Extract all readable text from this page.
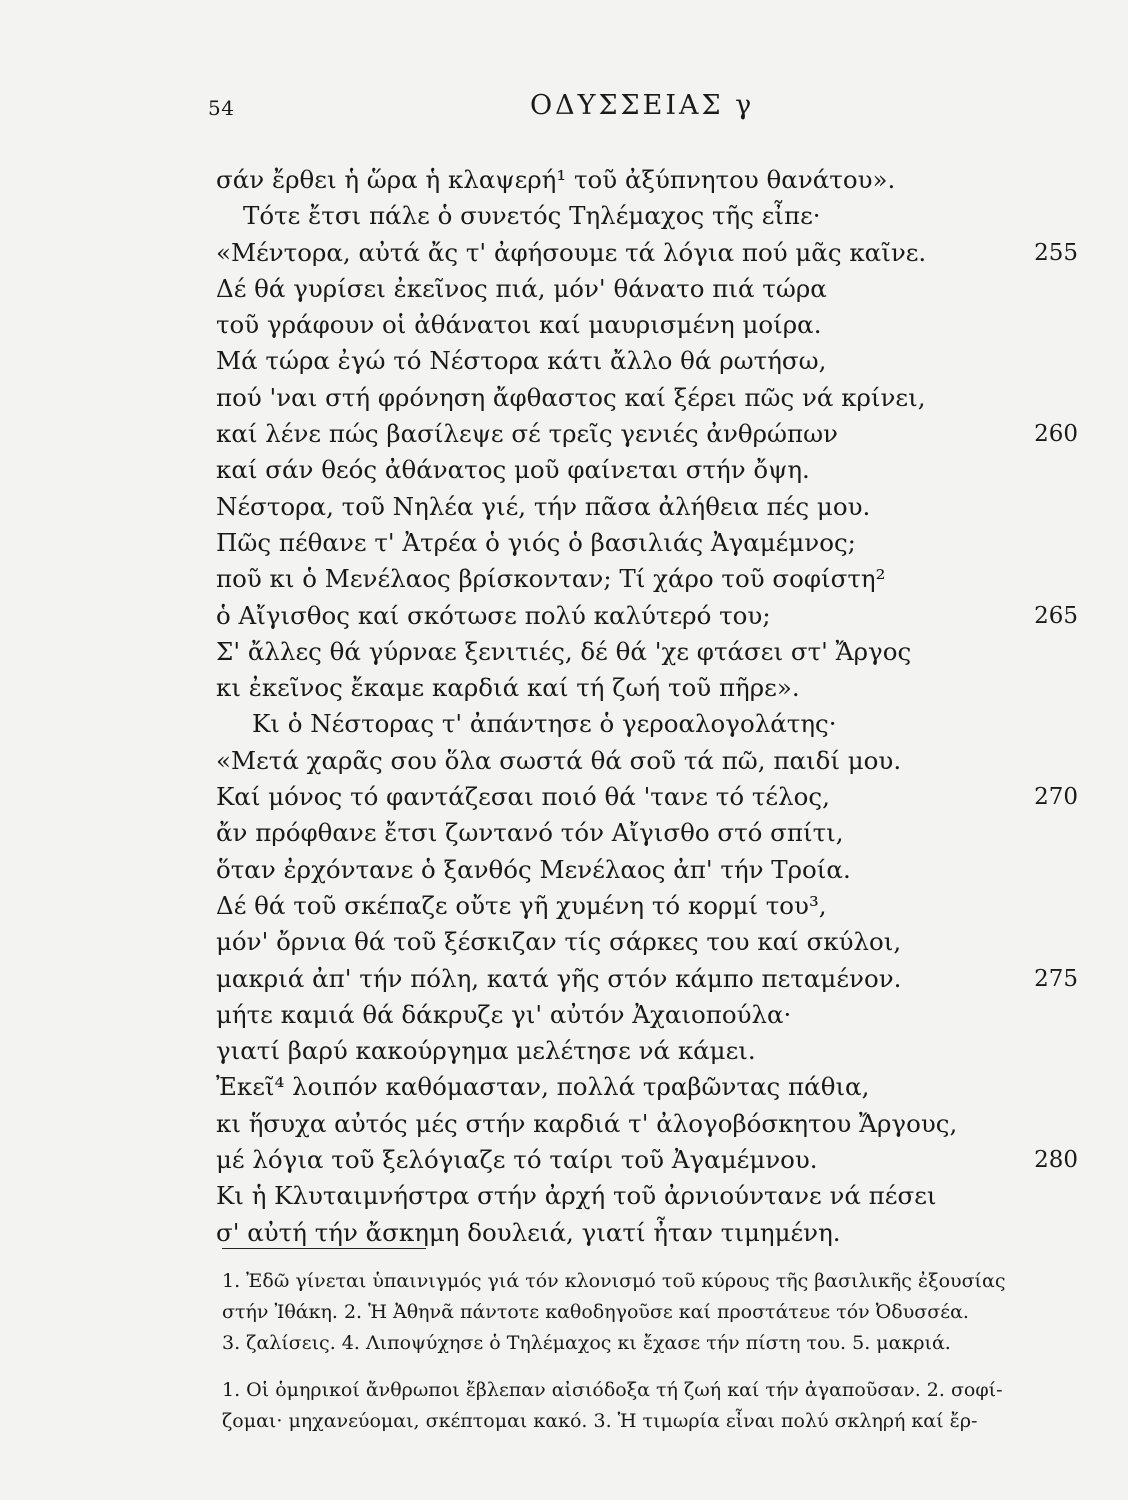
54	ΟΔΥΣΣΕΙΑΣ γ
σάν ἔρθει ἡ ὥρα ἡ κλαψερή¹ τοῦ ἀξύπνητου θανάτου».
Τότε ἔτσι πάλε ὁ συνετός Τηλέμαχος τῆς εἶπε·
«Μέντορα, αὐτά ἄς τ' ἀφήσουμε τά λόγια πού μᾶς καῖνε.	255
Δέ θά γυρίσει ἐκεῖνος πιά, μόν' θάνατο πιά τώρα
τοῦ γράφουν οἱ ἀθάνατοι καί μαυρισμένη μοίρα.
Μά τώρα ἐγώ τό Νέστορα κάτι ἄλλο θά ρωτήσω,
πού 'ναι στή φρόνηση ἄφθαστος καί ξέρει πῶς νά κρίνει,
καί λένε πώς βασίλεψε σέ τρεῖς γενιές ἀνθρώπων	260
καί σάν θεός ἀθάνατος μοῦ φαίνεται στήν ὄψη.
Νέστορα, τοῦ Νηλέα γιέ, τήν πᾶσα ἀλήθεια πές μου.
Πῶς πέθανε τ' Ἀτρέα ὁ γιός ὁ βασιλιάς Ἀγαμέμνος;
ποῦ κι ὁ Μενέλαος βρίσκονταν; Τί χάρο τοῦ σοφίστη²
ὁ Αἴγισθος καί σκότωσε πολύ καλύτερό του;	265
Σ' ἄλλες θά γύρναε ξενιτιές, δέ θά 'χε φτάσει στ' Ἄργος
κι ἐκεῖνος ἔκαμε καρδιά καί τή ζωή τοῦ πῆρε».
Κι ὁ Νέστορας τ' ἀπάντησε ὁ γεροαλογολάτης·
«Μετά χαρᾶς σου ὅλα σωστά θά σοῦ τά πῶ, παιδί μου.
Καί μόνος τό φαντάζεσαι ποιό θά 'τανε τό τέλος,	270
ἄν πρόφθανε ἔτσι ζωντανό τόν Αἴγισθο στό σπίτι,
ὅταν ἐρχόντανε ὁ ξανθός Μενέλαος ἀπ' τήν Τροία.
Δέ θά τοῦ σκέπαζε οὔτε γῆ χυμένη τό κορμί του³,
μόν' ὄρνια θά τοῦ ξέσκιζαν τίς σάρκες του καί σκύλοι,
μακριά ἀπ' τήν πόλη, κατά γῆς στόν κάμπο πεταμένον.	275
μήτε καμιά θά δάκρυζε γι' αὐτόν Ἀχαιοπούλα·
γιατί βαρύ κακούργημα μελέτησε νά κάμει.
Ἐκεῖ⁴ λοιπόν καθόμασταν, πολλά τραβῶντας πάθια,
κι ἥσυχα αὐτός μές στήν καρδιά τ' ἀλογοβόσκητου Ἄργους,
μέ λόγια τοῦ ξελόγιαζε τό ταίρι τοῦ Ἀγαμέμνου.	280
Κι ἡ Κλυταιμνήστρα στήν ἀρχή τοῦ ἀρνιούντανε νά πέσει
σ' αὐτή τήν ἄσκημη δουλειά, γιατί ἦταν τιμημένη.
1. Ἐδῶ γίνεται ὑπαινιγμός γιά τόν κλονισμό τοῦ κύρους τῆς βασιλικῆς ἐξουσίας
στήν Ἰθάκη. 2. Ἡ Ἀθηνᾶ πάντοτε καθοδηγοῦσε καί προστάτευε τόν Ὀδυσσέα.
3. ζαλίσεις. 4. Λιποψύχησε ὁ Τηλέμαχος κι ἔχασε τήν πίστη του. 5. μακριά.
1. Οἱ ὁμηρικοί ἄνθρωποι ἔβλεπαν αἰσιόδοξα τή ζωή καί τήν ἀγαποῦσαν. 2. σοφί-
ζομαι· μηχανεύομαι, σκέπτομαι κακό. 3. Ἡ τιμωρία εἶναι πολύ σκληρή καί ἔρ-
